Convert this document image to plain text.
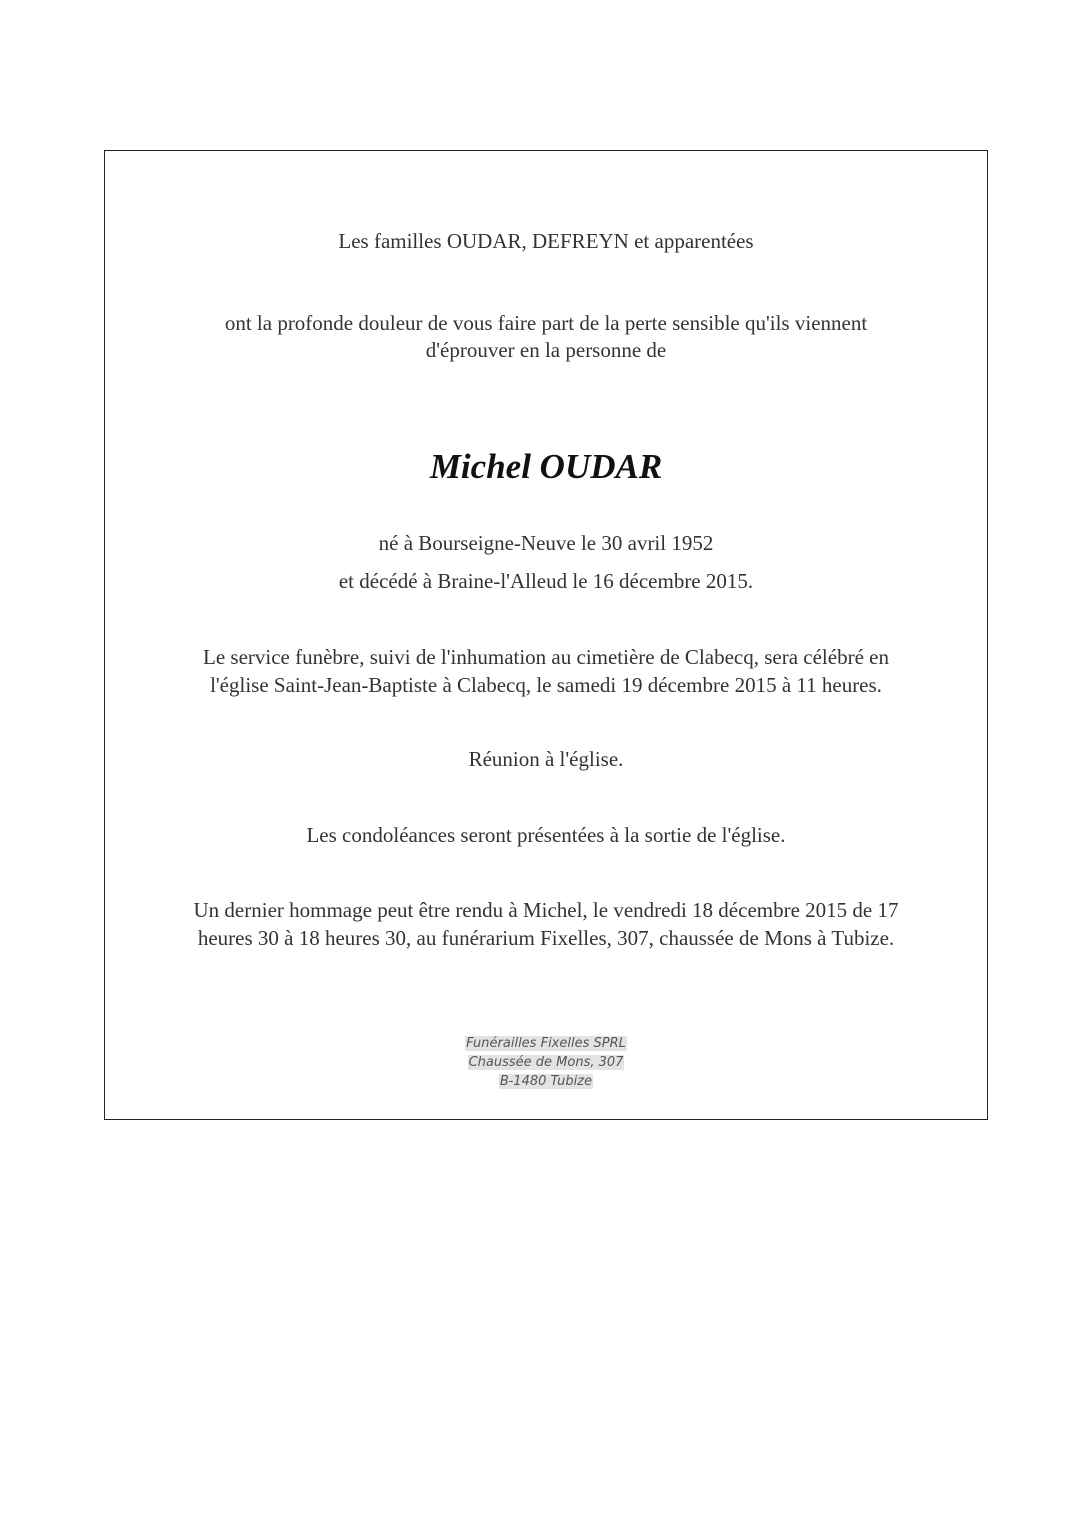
Les familles OUDAR, DEFREYN et apparentées

ont la profonde douleur de vous faire part de la perte sensible qu'ils viennent

d'éprouver en la personne de

Michel OUDAR

né à Bourseigne-Neuve le 30 avril 1952

et décédé à Braine-l'Alleud le 16 décembre 2015.

Le service funèbre, suivi de l'inhumation au cimetière de Clabecq, sera célébré en

l'église Saint-Jean-Baptiste à Clabecq, le samedi 19 décembre 2015 à 11 heures.

Réunion à l'église.

Les condoléances seront présentées à la sortie de l'église.

Un dernier hommage peut être rendu à Michel, le vendredi 18 décembre 2015 de 17

heures 30 à 18 heures 30, au funérarium Fixelles, 307, chaussée de Mons à Tubize.

Funérailles Fixelles SPRL
Chaussée de Mons, 307
B-1480 Tubize
